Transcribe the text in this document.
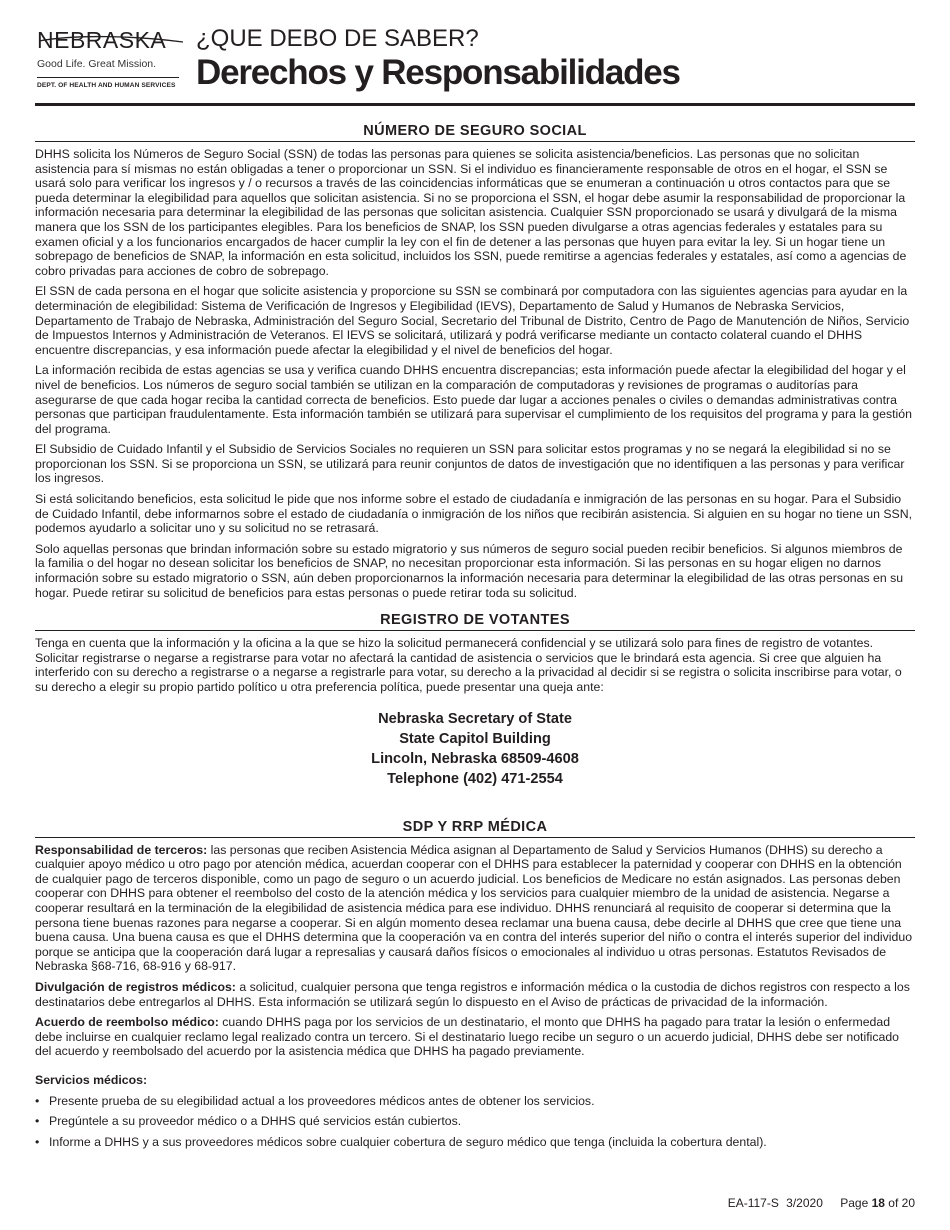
NEBRASKA
Good Life. Great Mission.
DEPT. OF HEALTH AND HUMAN SERVICES
¿QUE DEBO DE SABER?
Derechos y Responsabilidades
NÚMERO DE SEGURO SOCIAL

DHHS solicita los Números de Seguro Social (SSN) de todas las personas para quienes se solicita asistencia/beneficios. Las personas que no solicitan asistencia para sí mismas no están obligadas a tener o proporcionar un SSN. Si el individuo es financieramente responsable de otros en el hogar, el SSN se usará solo para verificar los ingresos y / o recursos a través de las coincidencias informáticas que se enumeran a continuación u otros contactos para que se pueda determinar la elegibilidad para aquellos que solicitan asistencia. Si no se proporciona el SSN, el hogar debe asumir la responsabilidad de proporcionar la información necesaria para determinar la elegibilidad de las personas que solicitan asistencia. Cualquier SSN proporcionado se usará y divulgará de la misma manera que los SSN de los participantes elegibles. Para los beneficios de SNAP, los SSN pueden divulgarse a otras agencias federales y estatales para su examen oficial y a los funcionarios encargados de hacer cumplir la ley con el fin de detener a las personas que huyen para evitar la ley. Si un hogar tiene un sobrepago de beneficios de SNAP, la información en esta solicitud, incluidos los SSN, puede remitirse a agencias federales y estatales, así como a agencias de cobro privadas para acciones de cobro de sobrepago.

El SSN de cada persona en el hogar que solicite asistencia y proporcione su SSN se combinará por computadora con las siguientes agencias para ayudar en la determinación de elegibilidad: Sistema de Verificación de Ingresos y Elegibilidad (IEVS), Departamento de Salud y Humanos de Nebraska Servicios, Departamento de Trabajo de Nebraska, Administración del Seguro Social, Secretario del Tribunal de Distrito, Centro de Pago de Manutención de Niños, Servicio de Impuestos Internos y Administración de Veteranos. El IEVS se solicitará, utilizará y podrá verificarse mediante un contacto colateral cuando el DHHS encuentre discrepancias, y esa información puede afectar la elegibilidad y el nivel de beneficios del hogar.

La información recibida de estas agencias se usa y verifica cuando DHHS encuentra discrepancias; esta información puede afectar la elegibilidad del hogar y el nivel de beneficios. Los números de seguro social también se utilizan en la comparación de computadoras y revisiones de programas o auditorías para asegurarse de que cada hogar reciba la cantidad correcta de beneficios. Esto puede dar lugar a acciones penales o civiles o demandas administrativas contra personas que participan fraudulentamente. Esta información también se utilizará para supervisar el cumplimiento de los requisitos del programa y para la gestión del programa.

El Subsidio de Cuidado Infantil y el Subsidio de Servicios Sociales no requieren un SSN para solicitar estos programas y no se negará la elegibilidad si no se proporcionan los SSN. Si se proporciona un SSN, se utilizará para reunir conjuntos de datos de investigación que no identifiquen a las personas y para verificar los ingresos.

Si está solicitando beneficios, esta solicitud le pide que nos informe sobre el estado de ciudadanía e inmigración de las personas en su hogar. Para el Subsidio de Cuidado Infantil, debe informarnos sobre el estado de ciudadanía o inmigración de los niños que recibirán asistencia. Si alguien en su hogar no tiene un SSN, podemos ayudarlo a solicitar uno y su solicitud no se retrasará.

Solo aquellas personas que brindan información sobre su estado migratorio y sus números de seguro social pueden recibir beneficios. Si algunos miembros de la familia o del hogar no desean solicitar los beneficios de SNAP, no necesitan proporcionar esta información. Si las personas en su hogar eligen no darnos información sobre su estado migratorio o SSN, aún deben proporcionarnos la información necesaria para determinar la elegibilidad de las otras personas en su hogar. Puede retirar su solicitud de beneficios para estas personas o puede retirar toda su solicitud.

REGISTRO DE VOTANTES

Tenga en cuenta que la información y la oficina a la que se hizo la solicitud permanecerá confidencial y se utilizará solo para fines de registro de votantes. Solicitar registrarse o negarse a registrarse para votar no afectará la cantidad de asistencia o servicios que le brindará esta agencia. Si cree que alguien ha interferido con su derecho a registrarse o a negarse a registrarle para votar, su derecho a la privacidad al decidir si se registra o solicita inscribirse para votar, o su derecho a elegir su propio partido político u otra preferencia política, puede presentar una queja ante:

Nebraska Secretary of State
State Capitol Building
Lincoln, Nebraska 68509-4608
Telephone (402) 471-2554
SDP Y RRP MÉDICA

Responsabilidad de terceros: las personas que reciben Asistencia Médica asignan al Departamento de Salud y Servicios Humanos (DHHS) su derecho a cualquier apoyo médico u otro pago por atención médica, acuerdan cooperar con el DHHS para establecer la paternidad y cooperar con DHHS en la obtención de cualquier pago de terceros disponible, como un pago de seguro o un acuerdo judicial. Los beneficios de Medicare no están asignados. Las personas deben cooperar con DHHS para obtener el reembolso del costo de la atención médica y los servicios para cualquier miembro de la unidad de asistencia. Negarse a cooperar resultará en la terminación de la elegibilidad de asistencia médica para ese individuo. DHHS renunciará al requisito de cooperar si determina que la persona tiene buenas razones para negarse a cooperar. Si en algún momento desea reclamar una buena causa, debe decirle al DHHS que cree que tiene una buena causa. Una buena causa es que el DHHS determina que la cooperación va en contra del interés superior del niño o contra el interés superior del individuo porque se anticipa que la cooperación dará lugar a represalias y causará daños físicos o emocionales al individuo u otras personas. Estatutos Revisados de Nebraska §68-716, 68-916 y 68-917.

Divulgación de registros médicos: a solicitud, cualquier persona que tenga registros e información médica o la custodia de dichos registros con respecto a los destinatarios debe entregarlos al DHHS. Esta información se utilizará según lo dispuesto en el Aviso de prácticas de privacidad de la información.

Acuerdo de reembolso médico: cuando DHHS paga por los servicios de un destinatario, el monto que DHHS ha pagado para tratar la lesión o enfermedad debe incluirse en cualquier reclamo legal realizado contra un tercero. Si el destinatario luego recibe un seguro o un acuerdo judicial, DHHS debe ser notificado del acuerdo y reembolsado del acuerdo por la asistencia médica que DHHS ha pagado previamente.

Servicios médicos:

• Presente prueba de su elegibilidad actual a los proveedores médicos antes de obtener los servicios.
• Pregúntele a su proveedor médico o a DHHS qué servicios están cubiertos.
• Informe a DHHS y a sus proveedores médicos sobre cualquier cobertura de seguro médico que tenga (incluida la cobertura dental).
EA-117-S 3/2020 Page 18 of 20
